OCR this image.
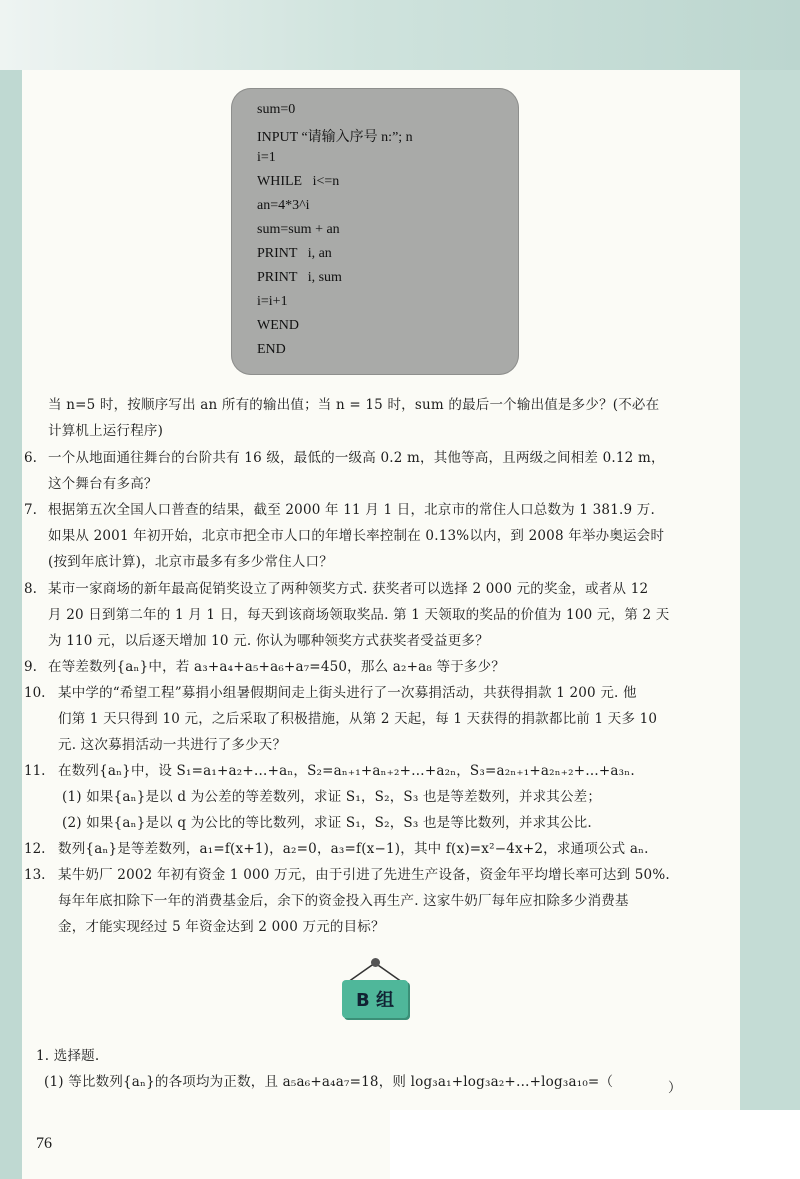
sum=0
INPUT “请输入序号 n:”; n
i=1
WHILE   i<=n
an=4*3^i
sum=sum + an
PRINT   i, an
PRINT   i, sum
i=i+1
WEND
END
当 n=5 时，按顺序写出 an 所有的输出值；当 n = 15 时，sum 的最后一个输出值是多少？(不必在
计算机上运行程序)
6. 一个从地面通往舞台的台阶共有 16 级，最低的一级高 0.2 m，其他等高，且两级之间相差 0.12 m，
这个舞台有多高？
7. 根据第五次全国人口普查的结果，截至 2000 年 11 月 1 日，北京市的常住人口总数为 1 381.9 万.
如果从 2001 年初开始，北京市把全市人口的年增长率控制在 0.13%以内，到 2008 年举办奥运会时
(按到年底计算)，北京市最多有多少常住人口？
8. 某市一家商场的新年最高促销奖设立了两种领奖方式. 获奖者可以选择 2 000 元的奖金，或者从 12
月 20 日到第二年的 1 月 1 日，每天到该商场领取奖品. 第 1 天领取的奖品的价值为 100 元，第 2 天
为 110 元，以后逐天增加 10 元. 你认为哪种领奖方式获奖者受益更多？
9. 在等差数列{aₙ}中，若 a₃+a₄+a₅+a₆+a₇=450，那么 a₂+a₈ 等于多少？
10. 某中学的“希望工程”募捐小组暑假期间走上街头进行了一次募捐活动，共获得捐款 1 200 元. 他
们第 1 天只得到 10 元，之后采取了积极措施，从第 2 天起，每 1 天获得的捐款都比前 1 天多 10
元. 这次募捐活动一共进行了多少天？
11. 在数列{aₙ}中，设 S₁=a₁+a₂+…+aₙ，S₂=aₙ₊₁+aₙ₊₂+…+a₂ₙ，S₃=a₂ₙ₊₁+a₂ₙ₊₂+…+a₃ₙ.
(1) 如果{aₙ}是以 d 为公差的等差数列，求证 S₁，S₂，S₃ 也是等差数列，并求其公差；
(2) 如果{aₙ}是以 q 为公比的等比数列，求证 S₁，S₂，S₃ 也是等比数列，并求其公比.
12. 数列{aₙ}是等差数列，a₁=f(x+1)，a₂=0，a₃=f(x−1)，其中 f(x)=x²−4x+2，求通项公式 aₙ.
13. 某牛奶厂 2002 年初有资金 1 000 万元，由于引进了先进生产设备，资金年平均增长率可达到 50%.
每年年底扣除下一年的消费基金后，余下的资金投入再生产. 这家牛奶厂每年应扣除多少消费基
金，才能实现经过 5 年资金达到 2 000 万元的目标？
B 组
1. 选择题.
(1) 等比数列{aₙ}的各项均为正数，且 a₅a₆+a₄a₇=18，则 log₃a₁+log₃a₂+…+log₃a₁₀=（	）
76
